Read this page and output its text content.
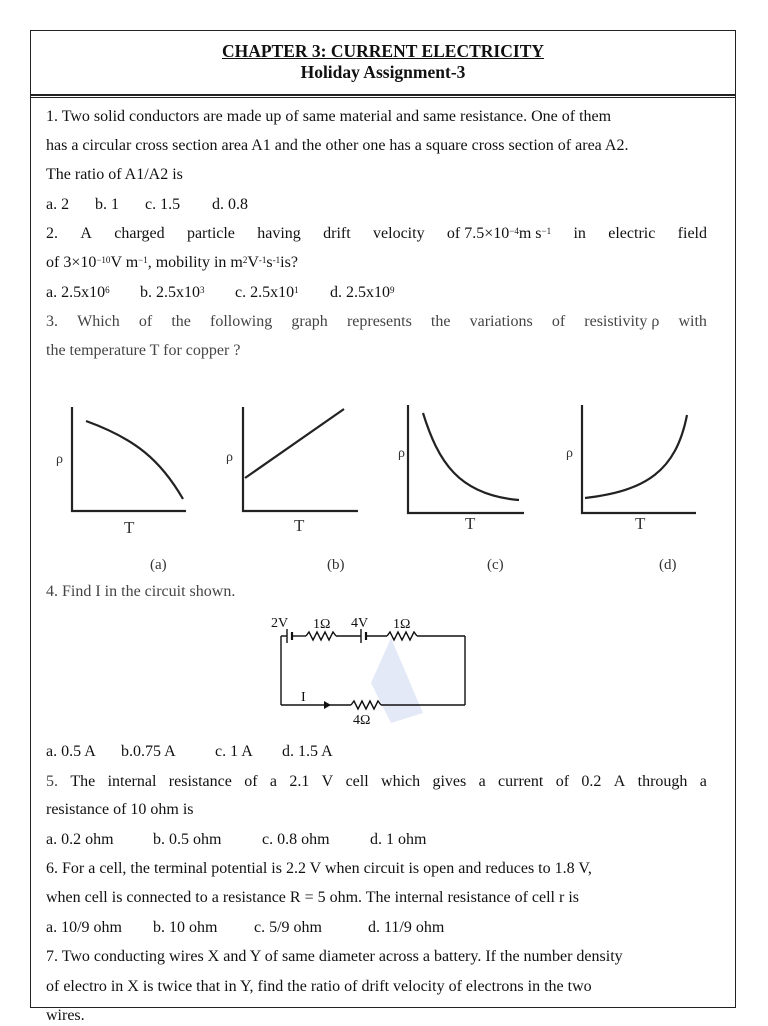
CHAPTER 3: CURRENT ELECTRICITY
Holiday Assignment-3
1. Two solid conductors are made up of same material and same resistance. One of them
has a circular cross section area A1 and the other one has a square cross section of area A2.
The ratio of A1/A2 is
a. 2 b. 1 c. 1.5 d. 0.8
2. A charged particle having drift velocity of $7.5\times 10^{-4}m$ $s^{-1}$ in electric field
of $3\times 10^{-10}V$ $m^{-1}$, mobility in $m^2V^{-1}s^{-1}is$?
a. $2.5x10^6$ b. $2.5x10^3$ c. $2.5x10^1$ d. $2.5x10^9$
3. Which of the following graph represents the variations of resistivity ρ with
the temperature T for copper ?
ρ
T
ρ
T
ρ
T
ρ
T
(a)	(b)	(c)	(d)
4. Find I in the circuit shown.
2V 1Ω 4V 1Ω
I
4Ω
a. 0.5 A b.0.75 A c. 1 A d. 1.5 A
5. The internal resistance of a 2.1 V cell which gives a current of 0.2 A through a
resistance of 10 ohm is
a. 0.2 ohm b. 0.5 ohm	c. 0.8 ohm	d. 1 ohm
6. For a cell, the terminal potential is 2.2 V when circuit is open and reduces to 1.8 V,
when cell is connected to a resistance R = 5 ohm. The internal resistance of cell r is
a. 10/9 ohm b. 10 ohm c. 5/9 ohm	d. 11/9 ohm
7. Two conducting wires X and Y of same diameter across a battery. If the number density
of electro in X is twice that in Y, find the ratio of drift velocity of electrons in the two
wires.
